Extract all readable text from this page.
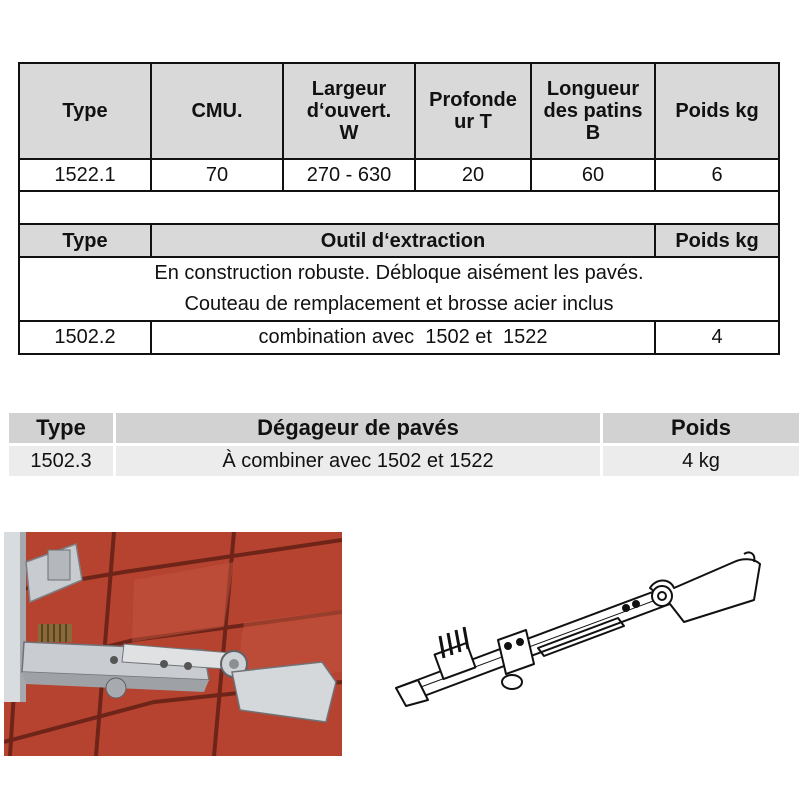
Type	CMU.	Largeur
d‘ouvert.
W	Profonde
ur T	Longueur
des patins
B	Poids kg
1522.1	70	270 - 630	20	60	6

Type	Outil d‘extraction				Poids kg
En construction robuste. Débloque aisément les pavés.
Couteau de remplacement et brosse acier inclus					
1502.2	combination avec  1502 et  1522				4
Type	Dégageur de pavés	Poids
1502.3	À combiner avec 1502 et 1522	4 kg
